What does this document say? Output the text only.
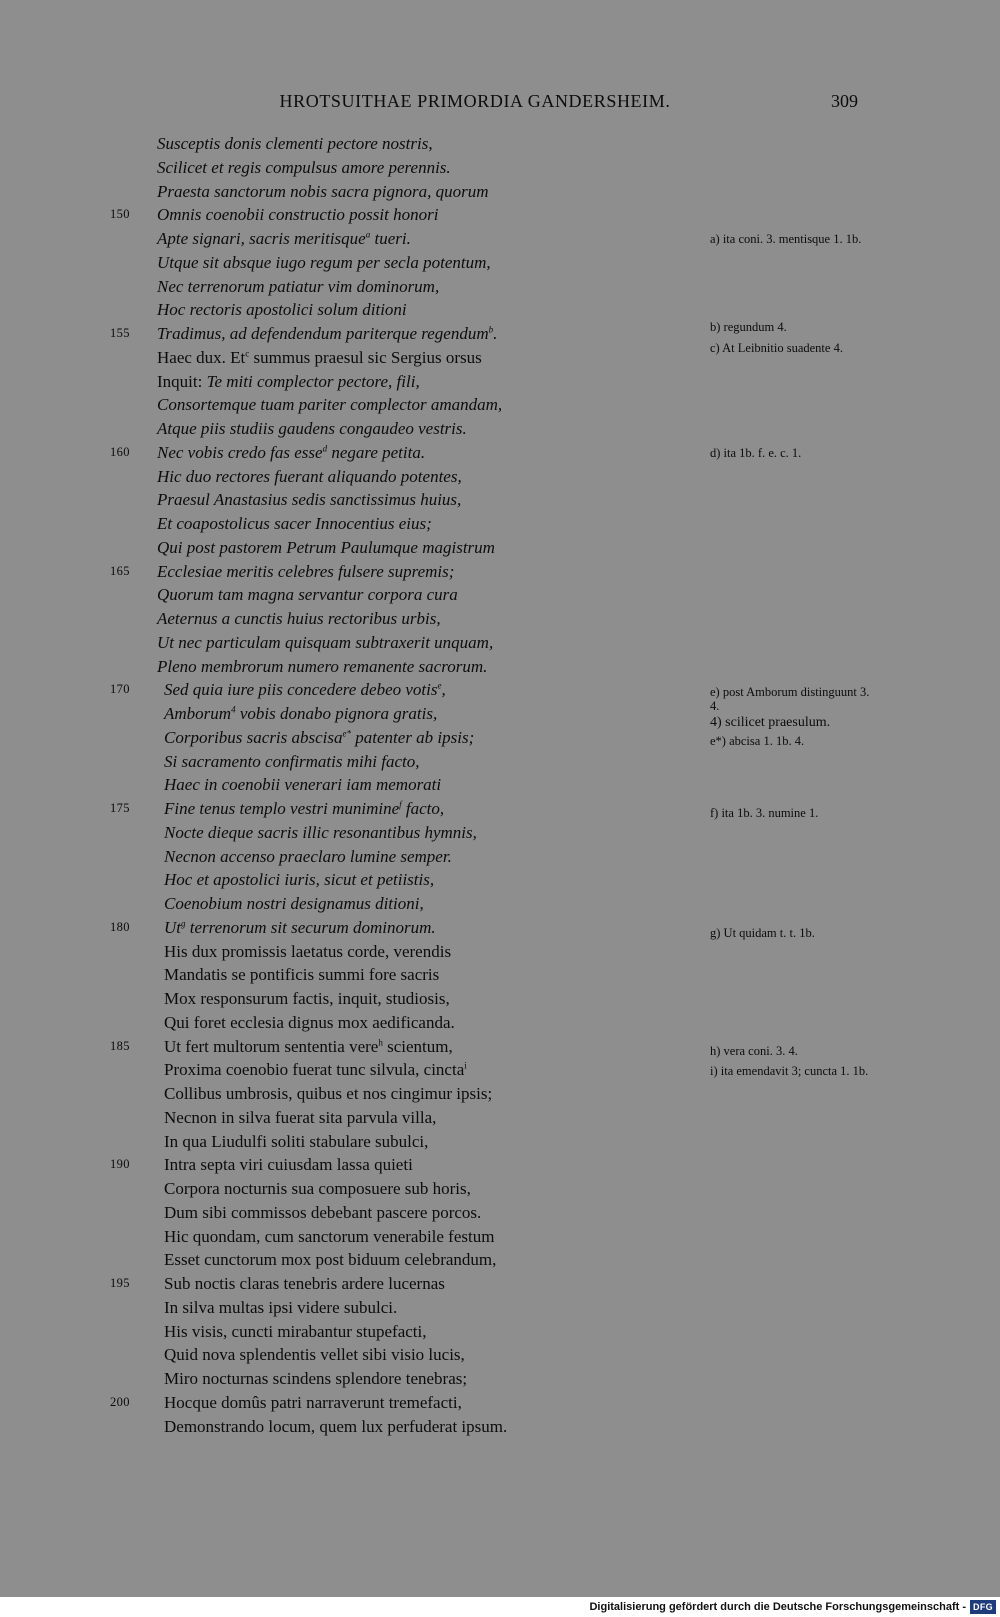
HROTSUITHAE PRIMORDIA GANDERSHEIM.	309
Susceptis donis clementi pectore nostris,
Scilicet et regis compulsus amore perennis.
Praesta sanctorum nobis sacra pignora, quorum
150	Omnis coenobii constructio possit honori
Apte signari, sacris meritisque$^a$ tueri.
Utque sit absque iugo regum per secla potentum,
Nec terrenorum patiatur vim dominorum,
Hoc rectoris apostolici solum ditioni
155	Tradimus, ad defendendum pariterque regendum$^b$.
Haec dux. Et$^c$ summus praesul sic Sergius orsus
Inquit: Te miti complector pectore, fili,
Consortemque tuam pariter complector amandam,
Atque piis studiis gaudens congaudeo vestris.
160	Nec vobis credo fas esse$^d$ negare petita.
Hic duo rectores fuerant aliquando potentes,
Praesul Anastasius sedis sanctissimus huius,
Et coapostolicus sacer Innocentius eius;
Qui post pastorem Petrum Paulumque magistrum
165	Ecclesiae meritis celebres fulsere supremis;
Quorum tam magna servantur corpora cura
Aeternus a cunctis huius rectoribus urbis,
Ut nec particulam quisquam subtraxerit unquam,
Pleno membrorum numero remanente sacrorum.
170	Sed quia iure piis concedere debeo votis$^e$,
Amborum$^4$ vobis donabo pignora gratis,
Corporibus sacris abscisa$^{e*}$ patenter ab ipsis;
Si sacramento confirmatis mihi facto,
Haec in coenobii venerari iam memorati
175	Fine tenus templo vestri munimine$^f$ facto,
Nocte dieque sacris illic resonantibus hymnis,
Necnon accenso praeclaro lumine semper.
Hoc et apostolici iuris, sicut et petiistis,
Coenobium nostri designamus ditioni,
180	Ut$^g$ terrenorum sit securum dominorum.
His dux promissis laetatus corde, verendis
Mandatis se pontificis summi fore sacris
Mox responsurum factis, inquit, studiosis,
Qui foret ecclesia dignus mox aedificanda.
185	Ut fert multorum sententia vere$^h$ scientum,
Proxima coenobio fuerat tunc silvula, cincta$^i$
Collibus umbrosis, quibus et nos cingimur ipsis;
Necnon in silva fuerat sita parvula villa,
In qua Liudulfi soliti stabulare subulci,
190	Intra septa viri cuiusdam lassa quieti
Corpora nocturnis sua composuere sub horis,
Dum sibi commissos debebant pascere porcos.
Hic quondam, cum sanctorum venerabile festum
Esset cunctorum mox post biduum celebrandum,
195	Sub noctis claras tenebris ardere lucernas
In silva multas ipsi videre subulci.
His visis, cuncti mirabantur stupefacti,
Quid nova splendentis vellet sibi visio lucis,
Miro nocturnas scindens splendore tenebras;
200	Hocque domûs patri narraverunt tremefacti,
Demonstrando locum, quem lux perfuderat ipsum.
a) ita coni. 3. mentisque 1. 1b.
b) regundum 4.
c) At Leibnitio suadente 4.
d) ita 1b. f. e. c. 1.
e) post Amborum distinguunt 3. 4.
4) scilicet praesulum.
e*) abcisa 1. 1b. 4.
f) ita 1b. 3. numine 1.
g) Ut quidam t. t. 1b.
h) vera coni. 3. 4.
i) ita emendavit 3; cuncta 1. 1b.
Digitalisierung gefördert durch die Deutsche Forschungsgemeinschaft - DFG
